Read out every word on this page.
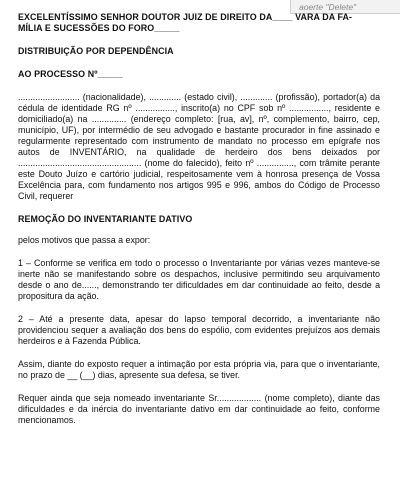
aoerte "Delete"

EXCELENTÍSSIMO SENHOR DOUTOR JUIZ DE DIREITO DA____ VARA DA FA-

MÍLIA E SUCESSÕES DO FORO_____

DISTRIBUIÇÃO POR DEPENDÊNCIA

AO PROCESSO Nº_____

......................... (nacionalidade), ............. (estado civil), ............. (profissão), portador(a) da cédula de identidade RG nº ................, inscrito(a) no CPF sob nº ................, residente e domiciliado(a) na .............. (endereço completo: [rua, av], nº, complemento, bairro, cep, município, UF), por intermédio de seu advogado e bastante procurador in fine assinado e regularmente representado com instrumento de mandato no processo em epígrafe nos autos de INVENTÁRIO, na qualidade de herdeiro dos bens deixados por .................................................. (nome do falecido), feito nº ..............., com trâmite perante este Douto Juízo e cartório judicial, respeitosamente vem à honrosa presença de Vossa Excelência para, com fundamento nos artigos 995 e 996, ambos do Código de Processo Civil, requerer

REMOÇÃO DO INVENTARIANTE DATIVO

pelos motivos que passa a expor:

1 – Conforme se verifica em todo o processo o Inventariante por várias vezes manteve-se inerte não se manifestando sobre os despachos, inclusive permitindo seu arquivamento desde o ano de......, demonstrando ter dificuldades em dar continuidade ao feito, desde a propositura da ação.

2 – Até a presente data, apesar do lapso temporal decorrido, a inventariante não providenciou sequer a avaliação dos bens do espólio, com evidentes prejuízos aos demais herdeiros e à Fazenda Pública.

Assim, diante do exposto requer a intimação por esta própria via, para que o inventariante, no prazo de __ (__) dias, apresente sua defesa, se tiver.

Requer ainda que seja nomeado inventariante Sr.................. (nome completo), diante das dificuldades e da inércia do inventariante dativo em dar continuidade ao feito, conforme mencionamos.
